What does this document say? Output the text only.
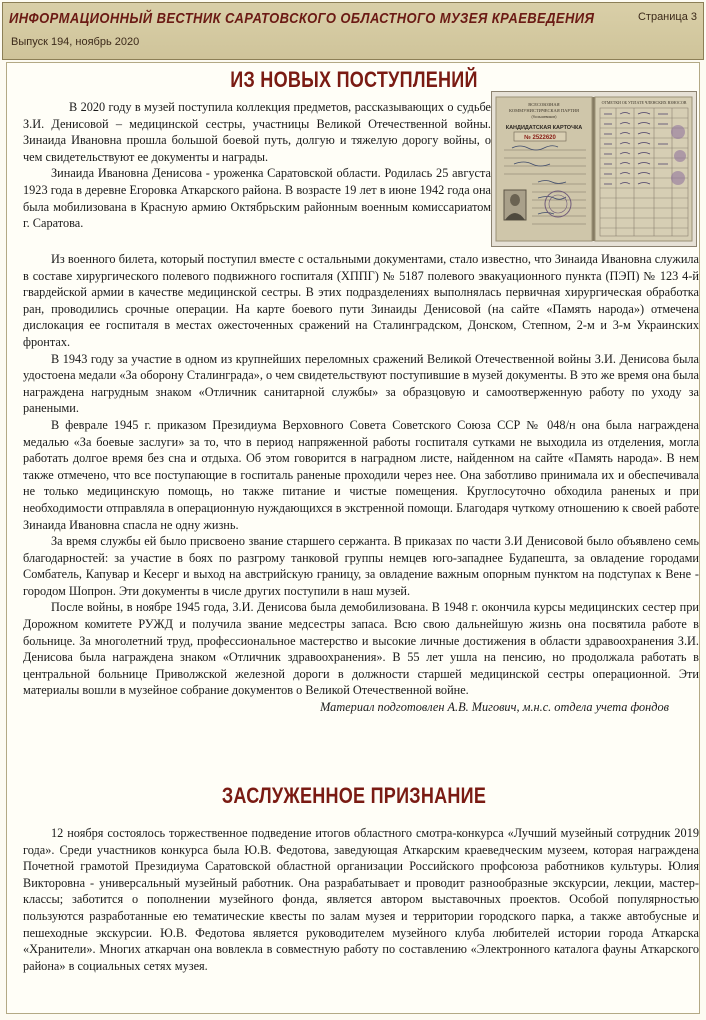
ИНФОРМАЦИОННЫЙ ВЕСТНИК САРАТОВСКОГО ОБЛАСТНОГО МУЗЕЯ КРАЕВЕДЕНИЯ
Выпуск 194, ноябрь 2020
Страница 3
ИЗ НОВЫХ ПОСТУПЛЕНИЙ
ВСЕСОЮЗНАЯ
КОММУНИСТИЧЕСКАЯ ПАРТИЯ
(большевиков)
КАНДИДАТСКАЯ КАРТОЧКА
№ 2522620
ОТМЕТКИ ОБ УПЛАТЕ ЧЛЕНСКИХ ВЗНОСОВ

В 2020 году в музей поступила коллекция предметов, рассказывающих о судьбе З.И. Денисовой – медицинской сестры, участницы Великой Отечественной войны. Зинаида Ивановна прошла большой боевой путь, долгую и тяжелую дорогу войны, о чем свидетельствуют ее документы и награды.

Зинаида Ивановна Денисова - уроженка Саратовской области. Родилась 25 августа 1923 года в деревне Егоровка Аткарского района. В возрасте 19 лет в июне 1942 года она была мобилизована в Красную армию Октябрьским районным военным комиссариатом г. Саратова.

Из военного билета, который поступил вместе с остальными документами, стало известно, что Зинаида Ивановна служила в составе хирургического полевого подвижного госпиталя (ХППГ) № 5187 полевого эвакуационного пункта (ПЭП) № 123 4-й гвардейской армии в качестве медицинской сестры. В этих подразделениях выполнялась первичная хирургическая обработка ран, проводились срочные операции. На карте боевого пути Зинаиды Денисовой (на сайте «Память народа») отмечена дислокация ее госпиталя в местах ожесточенных сражений на Сталинградском, Донском, Степном, 2-м и 3-м Украинских фронтах.

В 1943 году за участие в одном из крупнейших переломных сражений Великой Отечественной войны З.И. Денисова была удостоена медали «За оборону Сталинграда», о чем свидетельствуют поступившие в музей документы. В это же время она была награждена нагрудным знаком «Отличник санитарной службы» за образцовую и самоотверженную работу по уходу за ранеными.

В феврале 1945 г. приказом Президиума Верховного Совета Советского Союза ССР № 048/н она была награждена медалью «За боевые заслуги» за то, что в период напряженной работы госпиталя сутками не выходила из отделения, могла работать долгое время без сна и отдыха. Об этом говорится в наградном листе, найденном на сайте «Память народа». В нем также отмечено, что все поступающие в госпиталь раненые проходили через нее. Она заботливо принимала их и обеспечивала не только медицинскую помощь, но также питание и чистые помещения. Круглосуточно обходила раненых и при необходимости отправляла в операционную нуждающихся в экстренной помощи. Благодаря чуткому отношению к своей работе Зинаида Ивановна спасла не одну жизнь.

За время службы ей было присвоено звание старшего сержанта. В приказах по части З.И Денисовой было объявлено семь благодарностей: за участие в боях по разгрому танковой группы немцев юго-западнее Будапешта, за овладение городами Сомбатель, Капувар и Кесерг и выход на австрийскую границу, за овладение важным опорным пунктом на подступах к Вене - городом Шопрон. Эти документы в числе других поступили в наш музей.

После войны, в ноябре 1945 года, З.И. Денисова была демобилизована. В 1948 г. окончила курсы медицинских сестер при Дорожном комитете РУЖД и получила звание медсестры запаса. Всю свою дальнейшую жизнь она посвятила работе в больнице. За многолетний труд, профессиональное мастерство и высокие личные достижения в области здравоохранения З.И. Денисова была награждена знаком «Отличник здравоохранения». В 55 лет ушла на пенсию, но продолжала работать в центральной больнице Приволжской железной дороги в должности старшей медицинской сестры операционной. Эти материалы вошли в музейное собрание документов о Великой Отечественной войне.

Материал подготовлен А.В. Мигович, м.н.с. отдела учета фондов

ЗАСЛУЖЕННОЕ ПРИЗНАНИЕ

12 ноября состоялось торжественное подведение итогов областного смотра-конкурса «Лучший музейный сотрудник 2019 года». Среди участников конкурса была Ю.В. Федотова, заведующая Аткарским краеведческим музеем, которая награждена Почетной грамотой Президиума Саратовской областной организации Российского профсоюза работников культуры. Юлия Викторовна - универсальный музейный работник. Она разрабатывает и проводит разнообразные экскурсии, лекции, мастер-классы; заботится о пополнении музейного фонда, является автором выставочных проектов. Особой популярностью пользуются разработанные ею тематические квесты по залам музея и территории городского парка, а также автобусные и пешеходные экскурсии. Ю.В. Федотова является руководителем музейного клуба любителей истории города Аткарска «Хранители». Многих аткарчан она вовлекла в совместную работу по составлению «Электронного каталога фауны Аткарского района» в социальных сетях музея.
